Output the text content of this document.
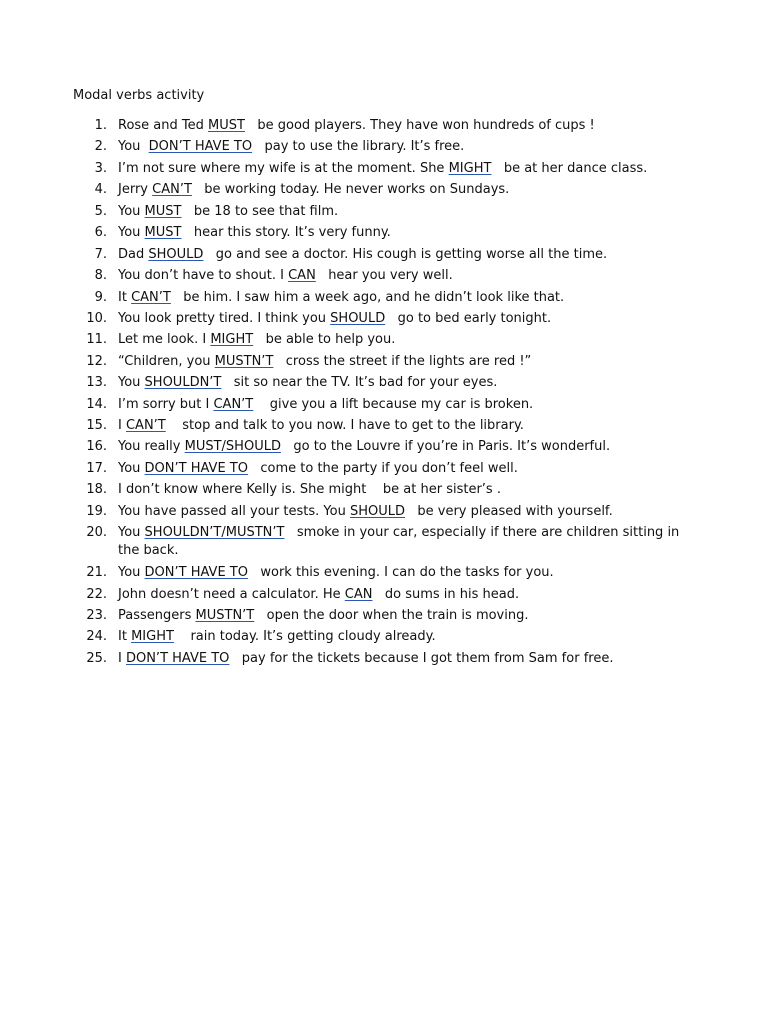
Modal verbs activity
1. Rose and Ted MUST   be good players. They have won hundreds of cups !
2. You  DON’T HAVE TO   pay to use the library. It’s free.
3. I’m not sure where my wife is at the moment. She MIGHT   be at her dance class.
4. Jerry CAN’T   be working today. He never works on Sundays.
5. You MUST   be 18 to see that film.
6. You MUST   hear this story. It’s very funny.
7. Dad SHOULD   go and see a doctor. His cough is getting worse all the time.
8. You don’t have to shout. I CAN   hear you very well.
9. It CAN’T   be him. I saw him a week ago, and he didn’t look like that.
10. You look pretty tired. I think you SHOULD   go to bed early tonight.
11. Let me look. I MIGHT   be able to help you.
12. “Children, you MUSTN’T   cross the street if the lights are red !”
13. You SHOULDN’T   sit so near the TV. It’s bad for your eyes.
14. I’m sorry but I CAN’T    give you a lift because my car is broken.
15. I CAN’T    stop and talk to you now. I have to get to the library.
16. You really MUST/SHOULD   go to the Louvre if you’re in Paris. It’s wonderful.
17. You DON’T HAVE TO   come to the party if you don’t feel well.
18. I don’t know where Kelly is. She might    be at her sister’s .
19. You have passed all your tests. You SHOULD   be very pleased with yourself.
20. You SHOULDN’T/MUSTN’T   smoke in your car, especially if there are children sitting in the back.
21. You DON’T HAVE TO   work this evening. I can do the tasks for you.
22. John doesn’t need a calculator. He CAN   do sums in his head.
23. Passengers MUSTN’T   open the door when the train is moving.
24. It MIGHT    rain today. It’s getting cloudy already.
25. I DON’T HAVE TO   pay for the tickets because I got them from Sam for free.
